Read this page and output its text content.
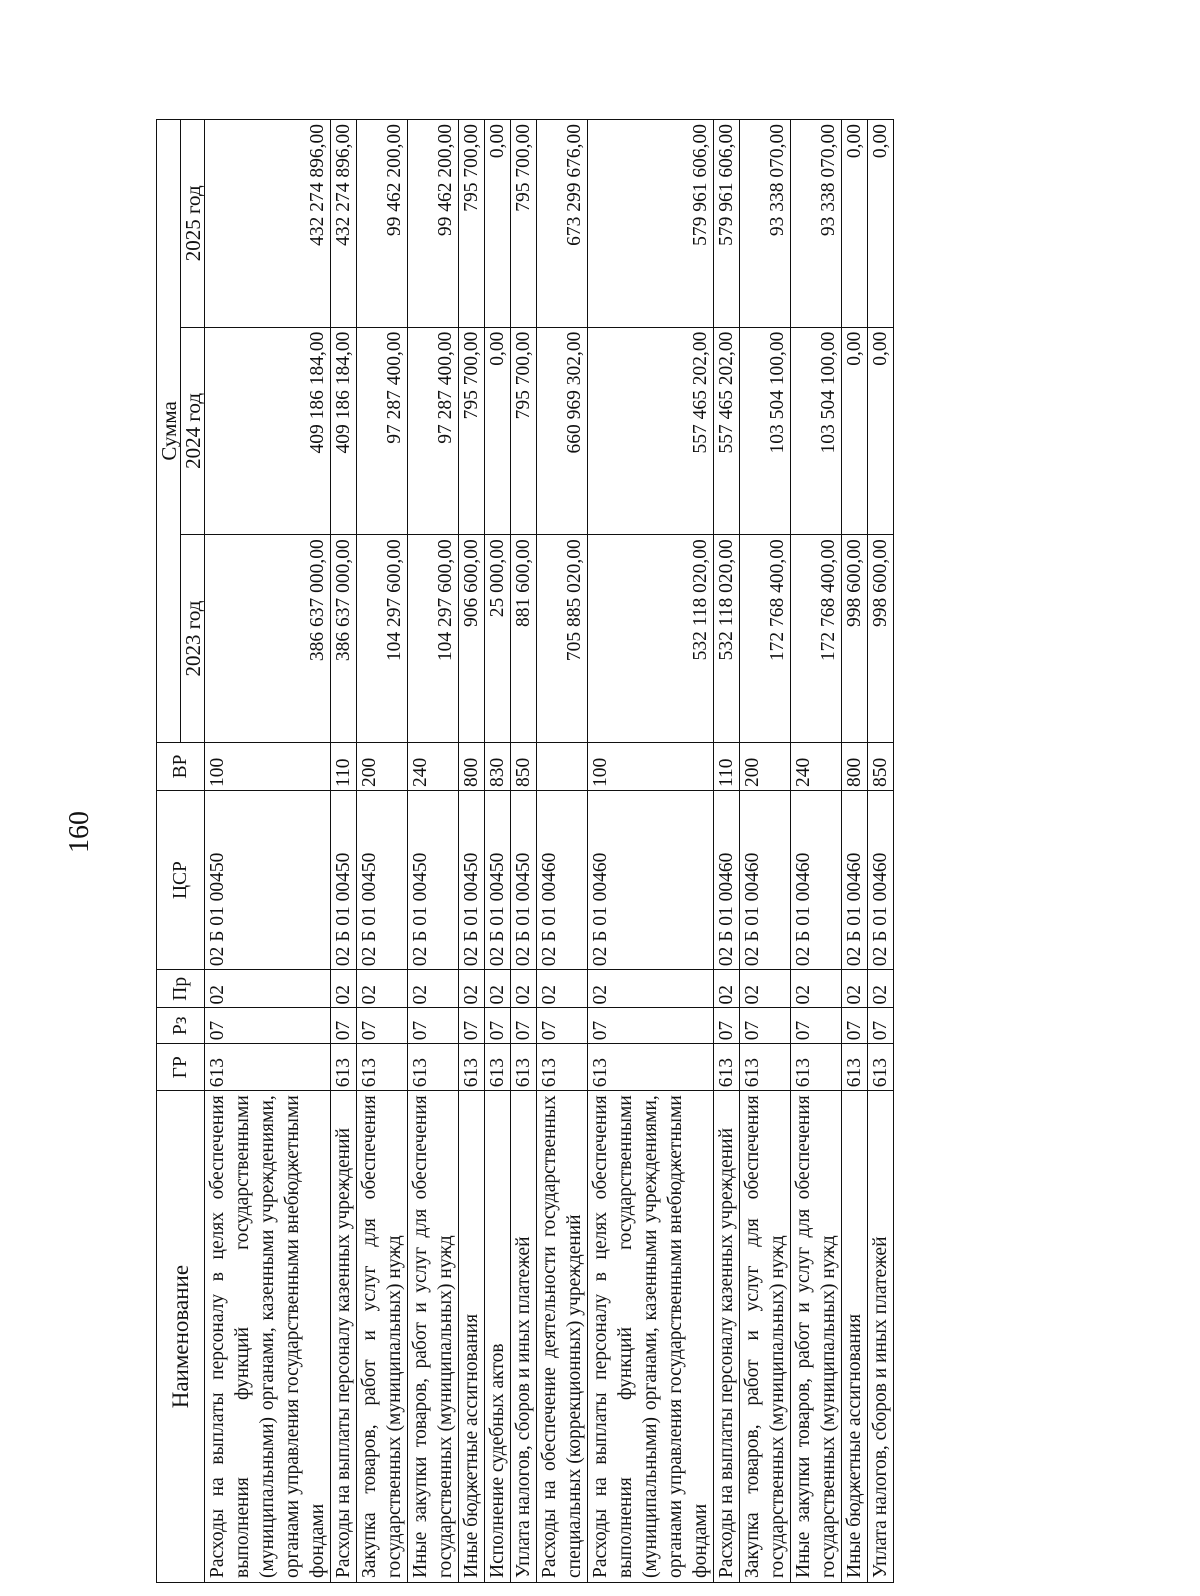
160
Наименование	ГР	Рз	Пр	ЦСР	ВР	Сумма		
						2023 год	2024 год	2025 год
Расходы на выплаты персоналу в целях обеспечения выполнения функций государственными (муниципальными) органами, казенными учреждениями, органами управления государственными внебюджетными фондами	613	07	02	02 Б 01 00450	100	386 637 000,00	409 186 184,00	432 274 896,00
Расходы на выплаты персоналу казенных учреждений	613	07	02	02 Б 01 00450	110	386 637 000,00	409 186 184,00	432 274 896,00
Закупка товаров, работ и услуг для обеспечения государственных (муниципальных) нужд	613	07	02	02 Б 01 00450	200	104 297 600,00	97 287 400,00	99 462 200,00
Иные закупки товаров, работ и услуг для обеспечения государственных (муниципальных) нужд	613	07	02	02 Б 01 00450	240	104 297 600,00	97 287 400,00	99 462 200,00
Иные бюджетные ассигнования	613	07	02	02 Б 01 00450	800	906 600,00	795 700,00	795 700,00
Исполнение судебных актов	613	07	02	02 Б 01 00450	830	25 000,00	0,00	0,00
Уплата налогов, сборов и иных платежей	613	07	02	02 Б 01 00450	850	881 600,00	795 700,00	795 700,00
Расходы на обеспечение деятельности государственных специальных (коррекционных) учреждений	613	07	02	02 Б 01 00460		705 885 020,00	660 969 302,00	673 299 676,00
Расходы на выплаты персоналу в целях обеспечения выполнения функций государственными (муниципальными) органами, казенными учреждениями, органами управления государственными внебюджетными фондами	613	07	02	02 Б 01 00460	100	532 118 020,00	557 465 202,00	579 961 606,00
Расходы на выплаты персоналу казенных учреждений	613	07	02	02 Б 01 00460	110	532 118 020,00	557 465 202,00	579 961 606,00
Закупка товаров, работ и услуг для обеспечения государственных (муниципальных) нужд	613	07	02	02 Б 01 00460	200	172 768 400,00	103 504 100,00	93 338 070,00
Иные закупки товаров, работ и услуг для обеспечения государственных (муниципальных) нужд	613	07	02	02 Б 01 00460	240	172 768 400,00	103 504 100,00	93 338 070,00
Иные бюджетные ассигнования	613	07	02	02 Б 01 00460	800	998 600,00	0,00	0,00
Уплата налогов, сборов и иных платежей	613	07	02	02 Б 01 00460	850	998 600,00	0,00	0,00
